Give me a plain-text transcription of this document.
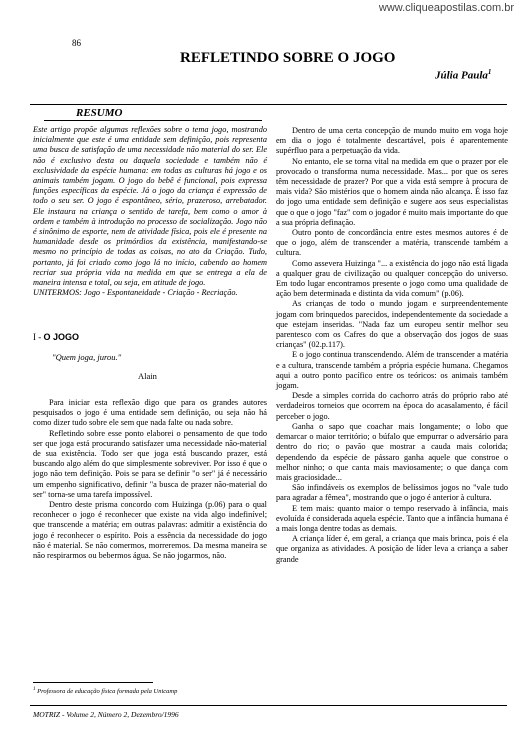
www.cliqueapostilas.com.br
86
REFLETINDO SOBRE O JOGO
Júlia Paula$^1$
RESUMO

Este artigo propõe algumas reflexões sobre o tema jogo, mostrando inicialmente que este é uma entidade sem definição, pois representa uma busca de satisfação de uma necessidade não material do ser. Ele não é exclusivo desta ou daquela sociedade e também não é exclusividade da espécie humana: em todas as culturas há jogo e os animais também jogam. O jogo do bebê é funcional, pois expressa funções específicas da espécie. Já o jogo da criança é expressão de todo o seu ser. O jogo é espontâneo, sério, prazeroso, arrebatador. Ele instaura na criança o sentido de tarefa, bem como o amor à ordem e também à introdução no processo de socialização. Jogo não é sinônimo de esporte, nem de atividade física, pois ele é presente na humanidade desde os primórdios da existência, manifestando-se mesmo no princípio de todas as coisas, no ato da Criação. Tudo, portanto, já foi criado como jogo lá no início, cabendo ao homem recriar sua própria vida na medida em que se entrega a ela de maneira intensa e total, ou seja, em atitude de jogo.

UNITERMOS: Jogo - Espontaneidade - Criação - Recriação.

I - O JOGO
"Quem joga, jurou."
Alain

Para iniciar esta reflexão digo que para os grandes autores pesquisados o jogo é uma entidade sem definição, ou seja não há como dizer tudo sobre ele sem que nada falte ou nada sobre.

Refletindo sobre esse ponto elaborei o pensamento de que todo ser que joga está procurando satisfazer uma necessidade não-material de sua existência. Todo ser que joga está buscando prazer, está buscando algo além do que simplesmente sobreviver. Por isso é que o jogo não tem definição. Pois se para se definir "o ser" já é necessário um empenho significativo, definir "a busca de prazer não-material do ser" torna-se uma tarefa impossível.

Dentro deste prisma concordo com Huizinga (p.06) para o qual reconhecer o jogo é reconhecer que existe na vida algo indefinível; que transcende a matéria; em outras palavras: admitir a existência do jogo é reconhecer o espírito. Pois a essência da necessidade do jogo não é material. Se não comermos, morreremos. Da mesma maneira se não respirarmos ou bebermos água. Se não jogarmos, não.

Dentro de uma certa concepção de mundo muito em voga hoje em dia o jogo é totalmente descartável, pois é aparentemente supérfluo para a perpetuação da vida.

No entanto, ele se torna vital na medida em que o prazer por ele provocado o transforma numa necessidade. Mas... por que os seres têm necessidade de prazer? Por que a vida está sempre à procura de mais vida? São mistérios que o homem ainda não alcança. É isso faz do jogo uma entidade sem definição e sugere aos seus especialistas que o que o jogo "faz" com o jogador é muito mais importante do que a sua própria definação.

Outro ponto de concordância entre estes mesmos autores é de que o jogo, além de transcender a matéria, transcende também a cultura.

Como assevera Huizinga "... a existência do jogo não está ligada a qualquer grau de civilização ou qualquer concepção do universo. Em todo lugar encontramos presente o jogo como uma qualidade de ação bem determinada e distinta da vida comum" (p.06).

As crianças de todo o mundo jogam e surpreendentemente jogam com brinquedos parecidos, independentemente da sociedade a que estejam inseridas. "Nada faz um europeu sentir melhor seu parentesco com os Cafres do que a observação dos jogos de suas crianças" (02.p.117).

E o jogo continua transcendendo. Além de transcender a matéria e a cultura, transcende também a própria espécie humana. Chegamos aqui a outro ponto pacífico entre os teóricos: os animais também jogam.

Desde a simples corrida do cachorro atrás do próprio rabo até verdadeiros torneios que ocorrem na época do acasalamento, é fácil perceber o jogo.

Ganha o sapo que coachar mais longamente; o lobo que demarcar o maior território; o búfalo que empurrar o adversário para dentro do rio; o pavão que mostrar a cauda mais colorida; dependendo da espécie de pássaro ganha aquele que constroe o melhor ninho; o que canta mais maviosamente; o que dança com mais graciosidade...

São infindáveis os exemplos de belíssimos jogos no "vale tudo para agradar a fêmea", mostrando que o jogo é anterior à cultura.

E tem mais: quanto maior o tempo reservado à infância, mais evoluída é considerada aquela espécie. Tanto que a infância humana é a mais longa dentre todas as demais.

A criança líder é, em geral, a criança que mais brinca, pois é ela que organiza as atividades. A posição de líder leva a criança a saber grande

$^1$ Professora de educação física formada pela Unicamp
MOTRIZ - Volume 2, Número 2, Dezembro/1996
